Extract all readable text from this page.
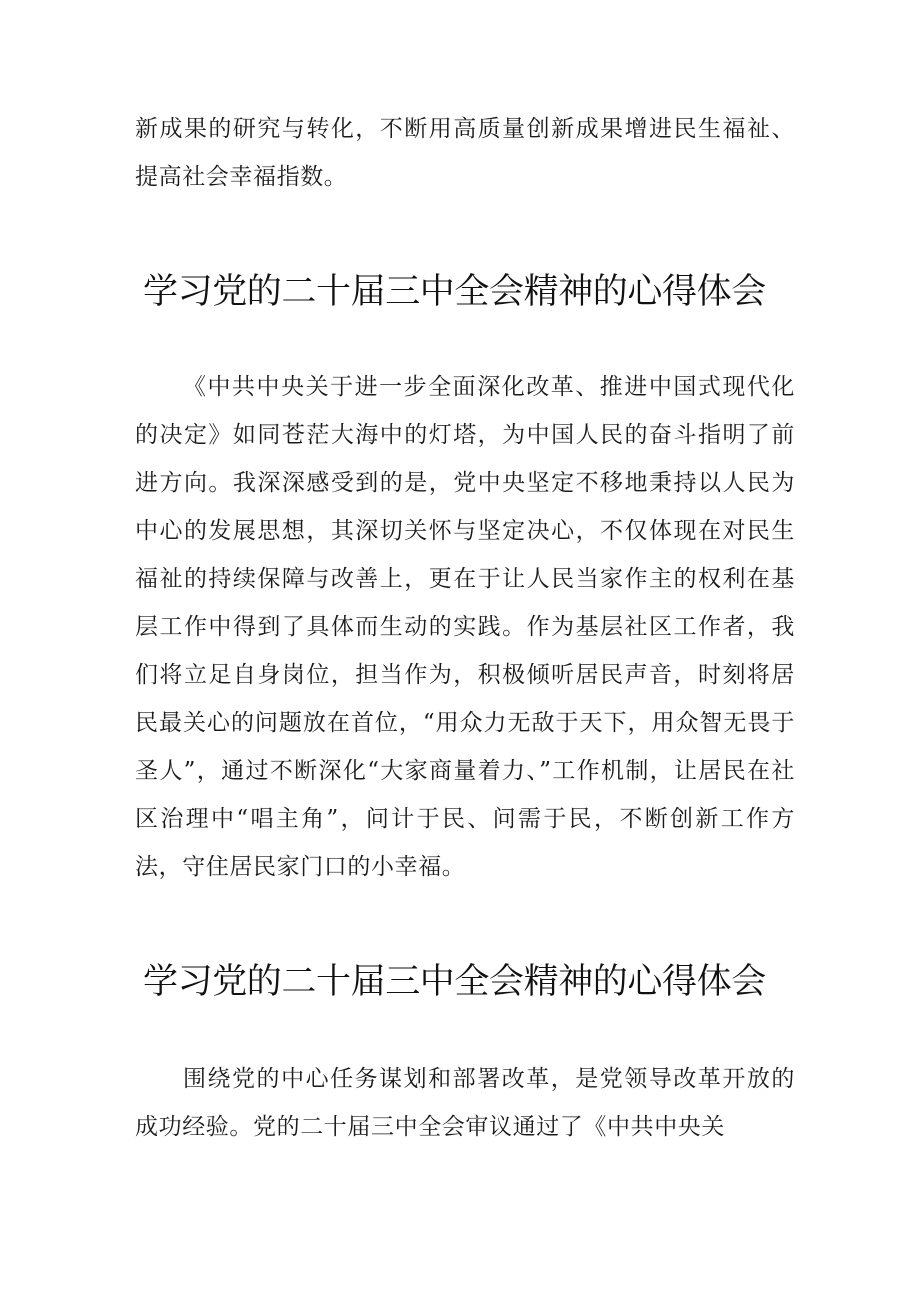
新成果的研究与转化，不断用高质量创新成果增进民生福祉、提高社会幸福指数。

学习党的二十届三中全会精神的心得体会

《中共中央关于进一步全面深化改革、推进中国式现代化的决定》如同苍茫大海中的灯塔，为中国人民的奋斗指明了前进方向。我深深感受到的是，党中央坚定不移地秉持以人民为中心的发展思想，其深切关怀与坚定决心，不仅体现在对民生福祉的持续保障与改善上，更在于让人民当家作主的权利在基层工作中得到了具体而生动的实践。作为基层社区工作者，我们将立足自身岗位，担当作为，积极倾听居民声音，时刻将居民最关心的问题放在首位，“用众力无敌于天下，用众智无畏于圣人”，通过不断深化“大家商量着力、”工作机制，让居民在社区治理中“唱主角”，问计于民、问需于民，不断创新工作方法，守住居民家门口的小幸福。

学习党的二十届三中全会精神的心得体会

围绕党的中心任务谋划和部署改革，是党领导改革开放的成功经验。党的二十届三中全会审议通过了《中共中央关
